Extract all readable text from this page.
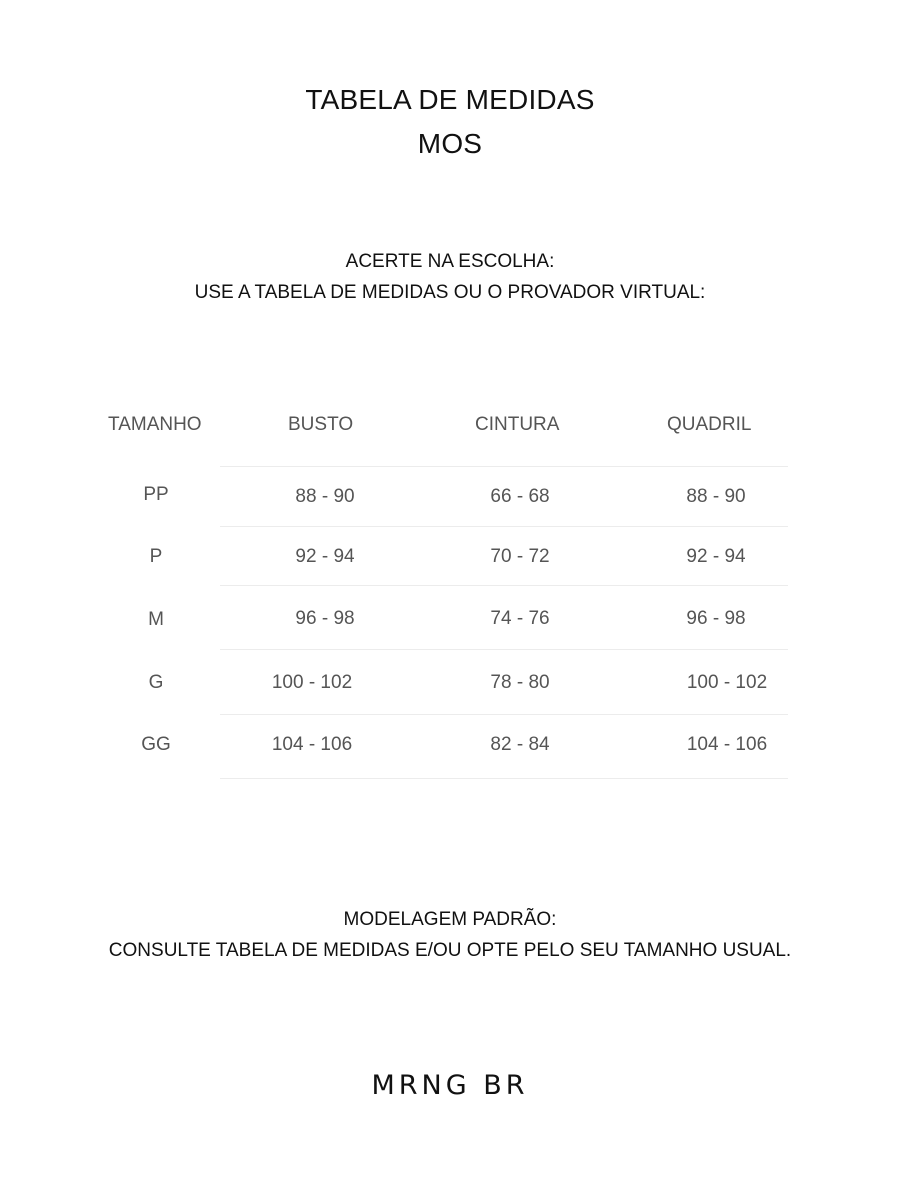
TABELA DE MEDIDAS
MOS
ACERTE NA ESCOLHA:
USE A TABELA DE MEDIDAS OU O PROVADOR VIRTUAL:
TAMANHO	BUSTO	CINTURA	QUADRIL
PP	88 - 90	66 - 68	88 - 90
P	92 - 94	70 - 72	92 - 94
M	96 - 98	74 - 76	96 - 98
G	100 - 102	78 - 80	100 - 102
GG	104 - 106	82 - 84	104 - 106
MODELAGEM PADRÃO:
CONSULTE TABELA DE MEDIDAS E/OU OPTE PELO SEU TAMANHO USUAL.
MRNG BR
